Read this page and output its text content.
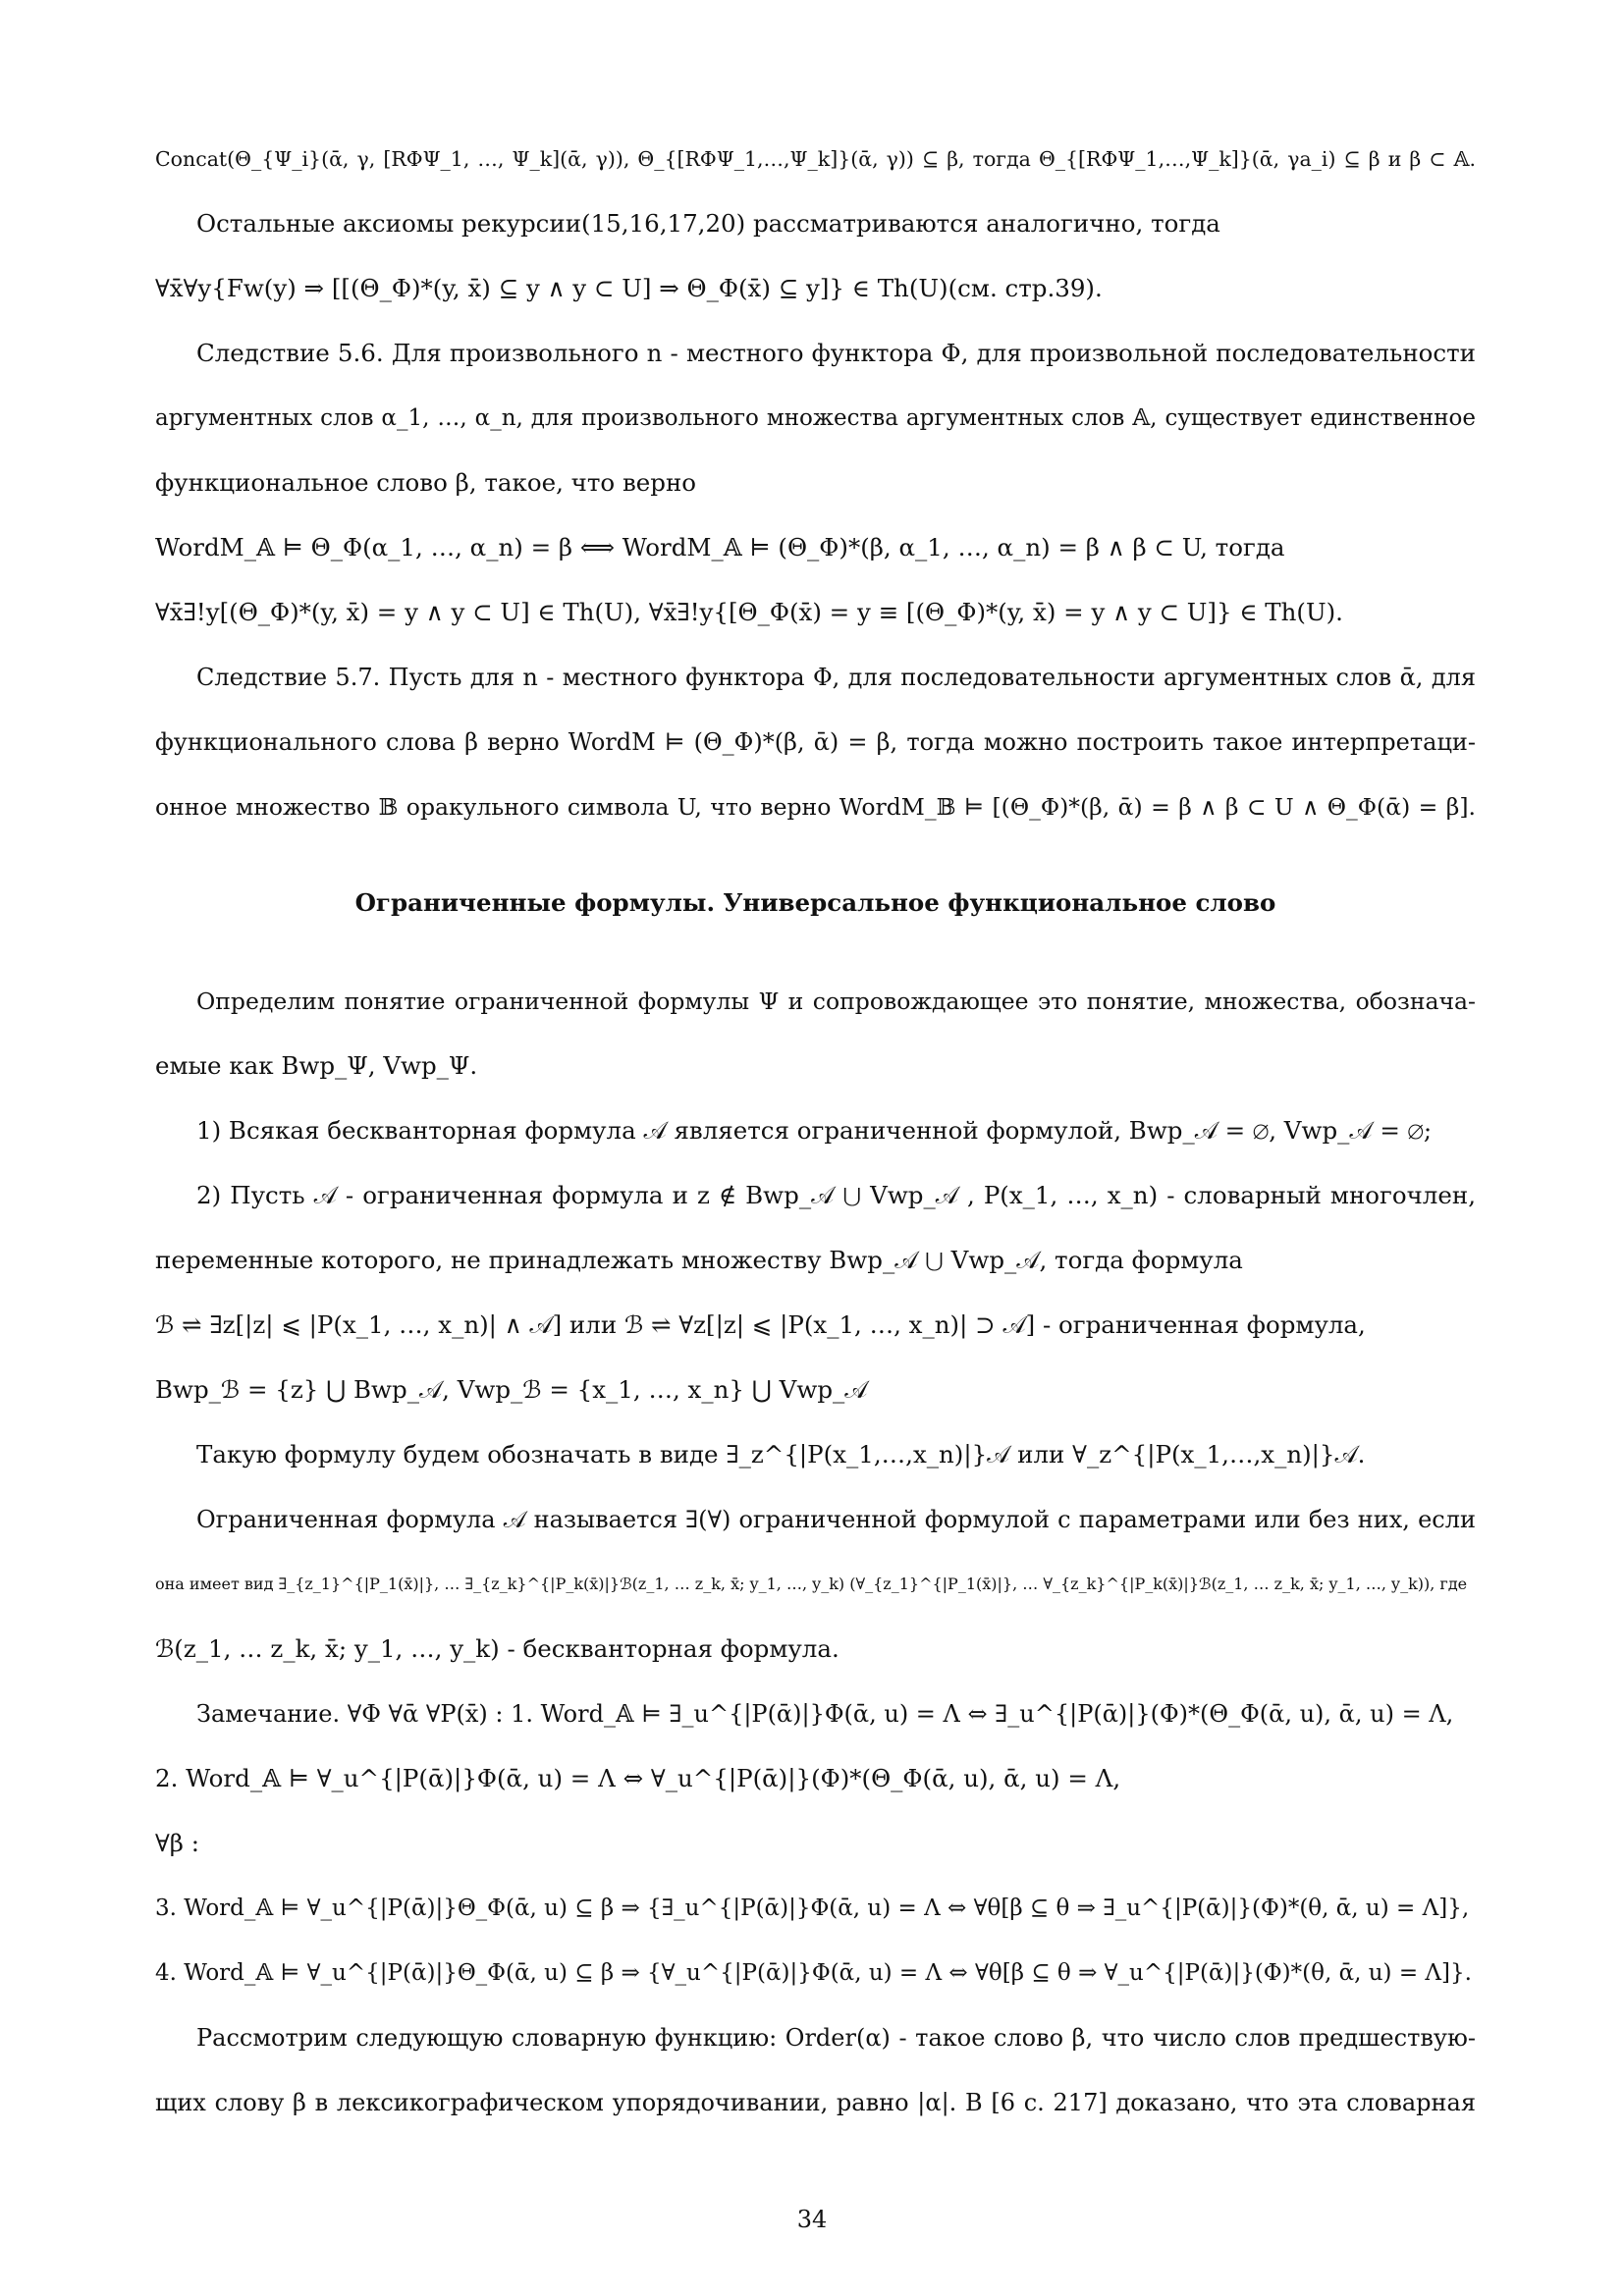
Concat(Θ_{Ψ_i}(ᾱ, γ, [RΦΨ_1, …, Ψ_k](ᾱ, γ)), Θ_{[RΦΨ_1,…,Ψ_k]}(ᾱ, γ)) ⊆ β, тогда Θ_{[RΦΨ_1,…,Ψ_k]}(ᾱ, γa_i) ⊆ β и β ⊂ 𝔸.
Остальные аксиомы рекурсии(15,16,17,20) рассматриваются аналогично, тогда
∀x̄∀y{Fw(y) ⇒ [[(Θ_Φ)*(y, x̄) ⊆ y ∧ y ⊂ U] ⇒ Θ_Φ(x̄) ⊆ y]} ∈ Th(U)(см. стр.39).
Следствие 5.6. Для произвольного n - местного функтора Φ, для произвольной последовательности
аргументных слов α_1, …, α_n, для произвольного множества аргументных слов 𝔸, существует единственное
функциональное слово β, такое, что верно
WordM_𝔸 ⊨ Θ_Φ(α_1, …, α_n) = β ⟺ WordM_𝔸 ⊨ (Θ_Φ)*(β, α_1, …, α_n) = β ∧ β ⊂ U, тогда
∀x̄∃!y[(Θ_Φ)*(y, x̄) = y ∧ y ⊂ U] ∈ Th(U), ∀x̄∃!y{[Θ_Φ(x̄) = y ≡ [(Θ_Φ)*(y, x̄) = y ∧ y ⊂ U]} ∈ Th(U).
Следствие 5.7. Пусть для n - местного функтора Φ, для последовательности аргументных слов ᾱ, для
функционального слова β верно WordM ⊨ (Θ_Φ)*(β, ᾱ) = β, тогда можно построить такое интерпретаци-
онное множество 𝔹 оракульного символа U, что верно WordM_𝔹 ⊨ [(Θ_Φ)*(β, ᾱ) = β ∧ β ⊂ U ∧ Θ_Φ(ᾱ) = β].
Ограниченные формулы. Универсальное функциональное слово
Определим понятие ограниченной формулы Ψ и сопровождающее это понятие, множества, обознача-
емые как Bwp_Ψ, Vwp_Ψ.
1) Всякая бескванторная формула 𝒜 является ограниченной формулой, Bwp_𝒜 = ∅, Vwp_𝒜 = ∅;
2) Пусть 𝒜 - ограниченная формула и z ∉ Bwp_𝒜 ⋃ Vwp_𝒜 , P(x_1, …, x_n) - словарный многочлен,
переменные которого, не принадлежать множеству Bwp_𝒜 ⋃ Vwp_𝒜, тогда формула
ℬ ⇌ ∃z[|z| ⩽ |P(x_1, …, x_n)| ∧ 𝒜] или ℬ ⇌ ∀z[|z| ⩽ |P(x_1, …, x_n)| ⊃ 𝒜] - ограниченная формула,
Bwp_ℬ = {z} ⋃ Bwp_𝒜, Vwp_ℬ = {x_1, …, x_n} ⋃ Vwp_𝒜
Такую формулу будем обозначать в виде ∃_z^{|P(x_1,…,x_n)|}𝒜 или ∀_z^{|P(x_1,…,x_n)|}𝒜.
Ограниченная формула 𝒜 называется ∃(∀) ограниченной формулой с параметрами или без них, если
она имеет вид ∃_{z_1}^{|P_1(x̄)|}, … ∃_{z_k}^{|P_k(x̄)|}ℬ(z_1, … z_k, x̄; y_1, …, y_k) (∀_{z_1}^{|P_1(x̄)|}, … ∀_{z_k}^{|P_k(x̄)|}ℬ(z_1, … z_k, x̄; y_1, …, y_k)), где
ℬ(z_1, … z_k, x̄; y_1, …, y_k) - бескванторная формула.
Замечание. ∀Φ ∀ᾱ ∀P(x̄) : 1. Word_𝔸 ⊨ ∃_u^{|P(ᾱ)|}Φ(ᾱ, u) = Λ ⇔ ∃_u^{|P(ᾱ)|}(Φ)*(Θ_Φ(ᾱ, u), ᾱ, u) = Λ,
2. Word_𝔸 ⊨ ∀_u^{|P(ᾱ)|}Φ(ᾱ, u) = Λ ⇔ ∀_u^{|P(ᾱ)|}(Φ)*(Θ_Φ(ᾱ, u), ᾱ, u) = Λ,
∀β :
3. Word_𝔸 ⊨ ∀_u^{|P(ᾱ)|}Θ_Φ(ᾱ, u) ⊆ β ⇒ {∃_u^{|P(ᾱ)|}Φ(ᾱ, u) = Λ ⇔ ∀θ[β ⊆ θ ⇒ ∃_u^{|P(ᾱ)|}(Φ)*(θ, ᾱ, u) = Λ]},
4. Word_𝔸 ⊨ ∀_u^{|P(ᾱ)|}Θ_Φ(ᾱ, u) ⊆ β ⇒ {∀_u^{|P(ᾱ)|}Φ(ᾱ, u) = Λ ⇔ ∀θ[β ⊆ θ ⇒ ∀_u^{|P(ᾱ)|}(Φ)*(θ, ᾱ, u) = Λ]}.
Рассмотрим следующую словарную функцию: Order(α) - такое слово β, что число слов предшествую-
щих слову β в лексикографическом упорядочивании, равно |α|. В [6 с. 217] доказано, что эта словарная
34
